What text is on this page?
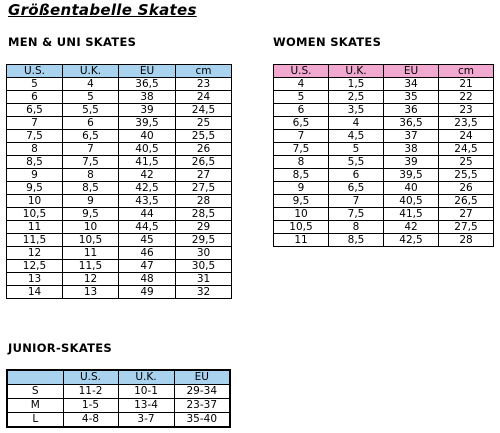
Größentabelle Skates
MEN & UNI SKATES
U.S.	U.K.	EU	cm
5	4	36,5	23
6	5	38	24
6,5	5,5	39	24,5
7	6	39,5	25
7,5	6,5	40	25,5
8	7	40,5	26
8,5	7,5	41,5	26,5
9	8	42	27
9,5	8,5	42,5	27,5
10	9	43,5	28
10,5	9,5	44	28,5
11	10	44,5	29
11,5	10,5	45	29,5
12	11	46	30
12,5	11,5	47	30,5
13	12	48	31
14	13	49	32
WOMEN SKATES
U.S.	U.K.	EU	cm
4	1,5	34	21
5	2,5	35	22
6	3,5	36	23
6,5	4	36,5	23,5
7	4,5	37	24
7,5	5	38	24,5
8	5,5	39	25
8,5	6	39,5	25,5
9	6,5	40	26
9,5	7	40,5	26,5
10	7,5	41,5	27
10,5	8	42	27,5
11	8,5	42,5	28
JUNIOR-SKATES
	U.S.	U.K.	EU
S	11-2	10-1	29-34
M	1-5	13-4	23-37
L	4-8	3-7	35-40
